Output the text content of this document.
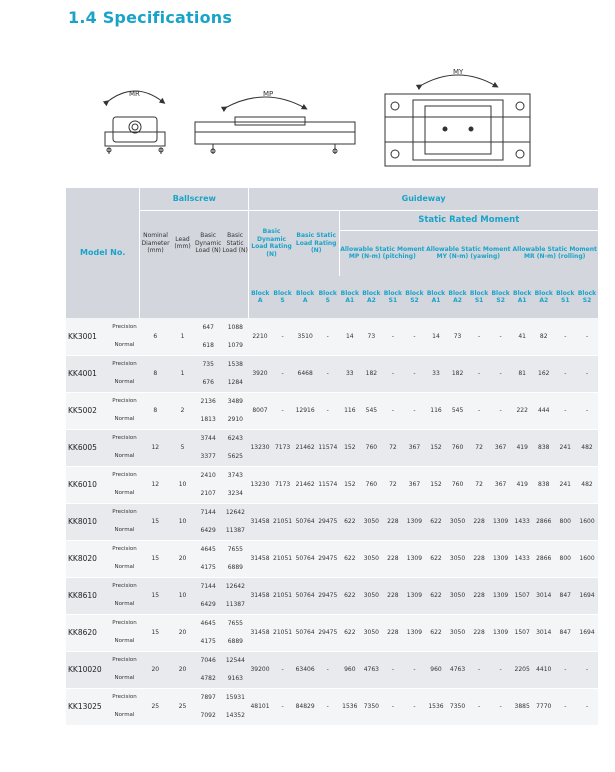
1.4 Specifications
MR	MP
MY
Model No.		Ballscrew				Guideway															
		Nominal Diameter (mm)	Lead (mm)	Basic Dynamic Load (N)	Basic Static Load (N)	Basic Dynamic Load Rating (N)		Basic Static Load Rating (N)		Static Rated Moment											
										Allowable Static Moment MP (N-m) (pitching)				Allowable Static Moment MY (N-m) (yawing)				Allowable Static Moment MR (N-m) (rolling)			
						Block A	Block S	Block A	Block S	Block A1	Block A2	Block S1	Block S2	Block A1	Block A2	Block S1	Block S2	Block A1	Block A2	Block S1	Block S2
KK3001	Precision	6	1	647	1088	2210	-	3510	-	14	73	-	-	14	73	-	-	41	82	-	-
	Normal			618	1079																
KK4001	Precision	8	1	735	1538	3920	-	6468	-	33	182	-	-	33	182	-	-	81	162	-	-
	Normal			676	1284																
KK5002	Precision	8	2	2136	3489	8007	-	12916	-	116	545	-	-	116	545	-	-	222	444	-	-
	Normal			1813	2910																
KK6005	Precision	12	5	3744	6243	13230	7173	21462	11574	152	760	72	367	152	760	72	367	419	838	241	482
	Normal			3377	5625																
KK6010	Precision	12	10	2410	3743	13230	7173	21462	11574	152	760	72	367	152	760	72	367	419	838	241	482
	Normal			2107	3234																
KK8010	Precision	15	10	7144	12642	31458	21051	50764	29475	622	3050	228	1309	622	3050	228	1309	1433	2866	800	1600
	Normal			6429	11387																
KK8020	Precision	15	20	4645	7655	31458	21051	50764	29475	622	3050	228	1309	622	3050	228	1309	1433	2866	800	1600
	Normal			4175	6889																
KK8610	Precision	15	10	7144	12642	31458	21051	50764	29475	622	3050	228	1309	622	3050	228	1309	1507	3014	847	1694
	Normal			6429	11387																
KK8620	Precision	15	20	4645	7655	31458	21051	50764	29475	622	3050	228	1309	622	3050	228	1309	1507	3014	847	1694
	Normal			4175	6889																
KK10020	Precision	20	20	7046	12544	39200	-	63406	-	960	4763	-	-	960	4763	-	-	2205	4410	-	-
	Normal			4782	9163																
KK13025	Precision	25	25	7897	15931	48101	-	84829	-	1536	7350	-	-	1536	7350	-	-	3885	7770	-	-
	Normal			7092	14352																
